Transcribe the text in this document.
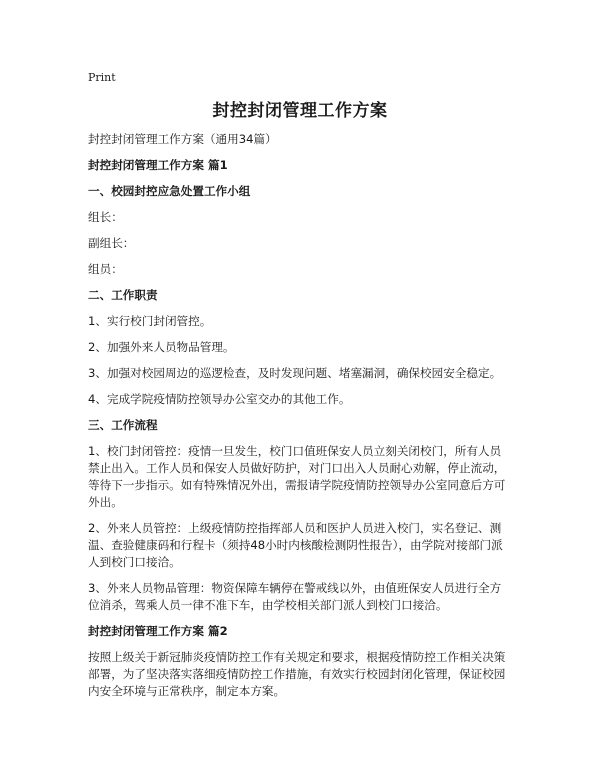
Print
封控封闭管理工作方案

封控封闭管理工作方案（通用34篇）

封控封闭管理工作方案 篇1

一、校园封控应急处置工作小组

组长：

副组长：

组员：

二、工作职责

1、实行校门封闭管控。

2、加强外来人员物品管理。

3、加强对校园周边的巡逻检查，及时发现问题、堵塞漏洞，确保校园安全稳定。

4、完成学院疫情防控领导办公室交办的其他工作。

三、工作流程

1、校门封闭管控：疫情一旦发生，校门口值班保安人员立刻关闭校门，所有人员禁止出入。工作人员和保安人员做好防护，对门口出入人员耐心劝解，停止流动，等待下一步指示。如有特殊情况外出，需报请学院疫情防控领导办公室同意后方可外出。

2、外来人员管控：上级疫情防控指挥部人员和医护人员进入校门，实名登记、测温、查验健康码和行程卡（须持48小时内核酸检测阴性报告），由学院对接部门派人到校门口接洽。

3、外来人员物品管理：物资保障车辆停在警戒线以外，由值班保安人员进行全方位消杀，驾乘人员一律不准下车，由学校相关部门派人到校门口接洽。

封控封闭管理工作方案 篇2

按照上级关于新冠肺炎疫情防控工作有关规定和要求，根据疫情防控工作相关决策部署，为了坚决落实落细疫情防控工作措施，有效实行校园封闭化管理，保证校园内安全环境与正常秩序，制定本方案。
